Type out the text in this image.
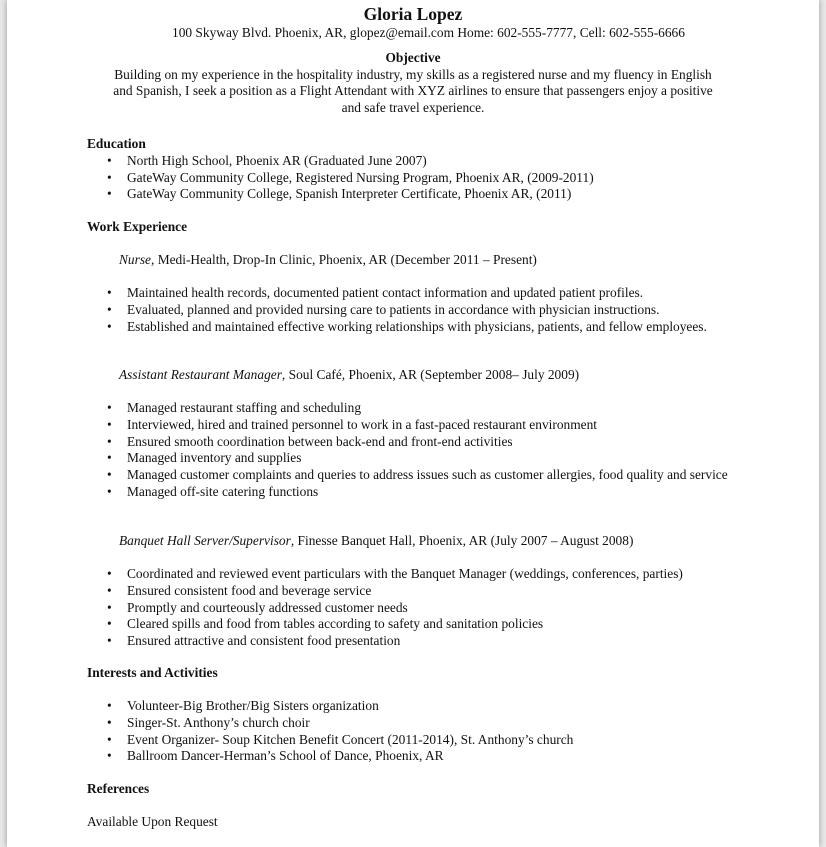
Gloria Lopez
100 Skyway Blvd. Phoenix, AR, glopez@email.com Home: 602-555-7777, Cell: 602-555-6666
Objective
Building on my experience in the hospitality industry, my skills as a registered nurse and my fluency in English and Spanish, I seek a position as a Flight Attendant with XYZ airlines to ensure that passengers enjoy a positive and safe travel experience.
Education
• North High School, Phoenix AR (Graduated June 2007)
• GateWay Community College, Registered Nursing Program, Phoenix AR, (2009-2011)
• GateWay Community College, Spanish Interpreter Certificate, Phoenix AR, (2011)
Work Experience
Nurse, Medi-Health, Drop-In Clinic, Phoenix, AR (December 2011 – Present)
• Maintained health records, documented patient contact information and updated patient profiles.
• Evaluated, planned and provided nursing care to patients in accordance with physician instructions.
• Established and maintained effective working relationships with physicians, patients, and fellow employees.
Assistant Restaurant Manager, Soul Café, Phoenix, AR (September 2008– July 2009)
• Managed restaurant staffing and scheduling
• Interviewed, hired and trained personnel to work in a fast-paced restaurant environment
• Ensured smooth coordination between back-end and front-end activities
• Managed inventory and supplies
• Managed customer complaints and queries to address issues such as customer allergies, food quality and service
• Managed off-site catering functions
Banquet Hall Server/Supervisor, Finesse Banquet Hall, Phoenix, AR (July 2007 – August 2008)
• Coordinated and reviewed event particulars with the Banquet Manager (weddings, conferences, parties)
• Ensured consistent food and beverage service
• Promptly and courteously addressed customer needs
• Cleared spills and food from tables according to safety and sanitation policies
• Ensured attractive and consistent food presentation
Interests and Activities
• Volunteer-Big Brother/Big Sisters organization
• Singer-St. Anthony’s church choir
• Event Organizer- Soup Kitchen Benefit Concert (2011-2014), St. Anthony’s church
• Ballroom Dancer-Herman’s School of Dance, Phoenix, AR
References
Available Upon Request
